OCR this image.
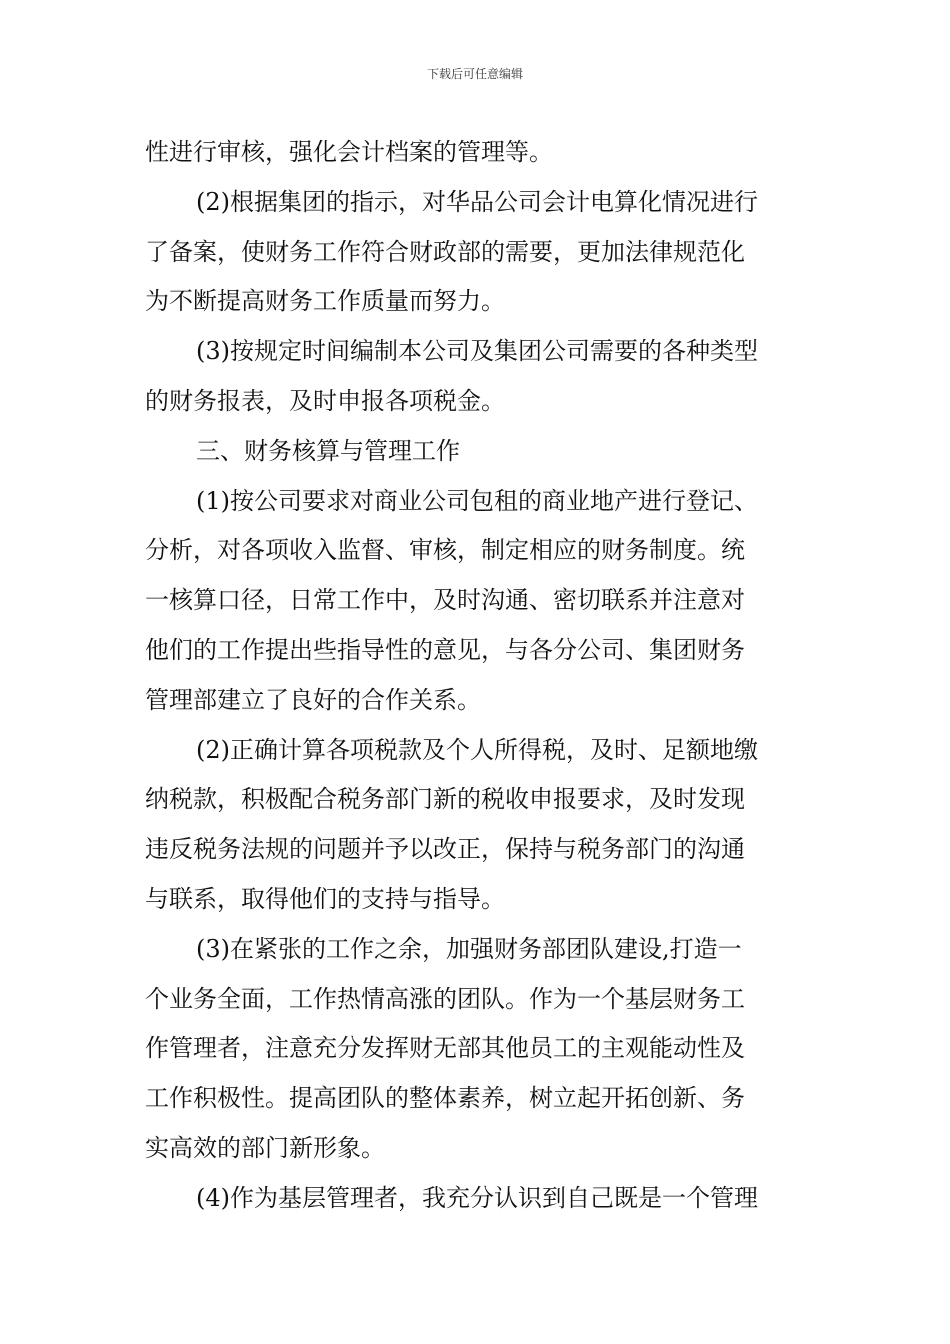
下载后可任意编辑
性进行审核，强化会计档案的管理等。
(2)根据集团的指示，对华品公司会计电算化情况进行
了备案，使财务工作符合财政部的需要，更加法律规范化
为不断提高财务工作质量而努力。
(3)按规定时间编制本公司及集团公司需要的各种类型
的财务报表，及时申报各项税金。
三、财务核算与管理工作
(1)按公司要求对商业公司包租的商业地产进行登记、
分析，对各项收入监督、审核，制定相应的财务制度。统
一核算口径，日常工作中，及时沟通、密切联系并注意对
他们的工作提出些指导性的意见，与各分公司、集团财务
管理部建立了良好的合作关系。
(2)正确计算各项税款及个人所得税，及时、足额地缴
纳税款，积极配合税务部门新的税收申报要求，及时发现
违反税务法规的问题并予以改正，保持与税务部门的沟通
与联系，取得他们的支持与指导。
(3)在紧张的工作之余，加强财务部团队建设,打造一
个业务全面，工作热情高涨的团队。作为一个基层财务工
作管理者，注意充分发挥财无部其他员工的主观能动性及
工作积极性。提高团队的整体素养，树立起开拓创新、务
实高效的部门新形象。
(4)作为基层管理者，我充分认识到自己既是一个管理
